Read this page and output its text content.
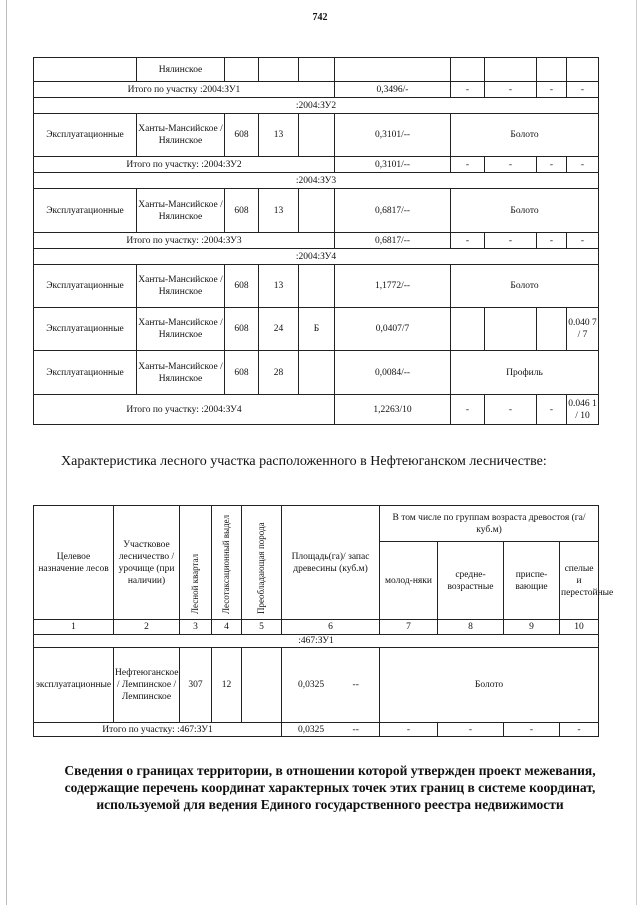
742
	Нялинское								
Итого по участку :2004:ЗУ1					0,3496/-	-	-	-	-
:2004:ЗУ2									
Эксплуатационные	Ханты-Мансийское / Нялинское	608	13		0,3101/--	Болото			
Итого по участку: :2004:ЗУ2					0,3101/--	-	-	-	-
:2004:ЗУ3									
Эксплуатационные	Ханты-Мансийское / Нялинское	608	13		0,6817/--	Болото			
Итого по участку: :2004:ЗУ3					0,6817/--	-	-	-	-
:2004:ЗУ4									
Эксплуатационные	Ханты-Мансийское / Нялинское	608	13		1,1772/--	Болото			
Эксплуатационные	Ханты-Мансийское / Нялинское	608	24	Б	0,0407/7				0.040 7 / 7
Эксплуатационные	Ханты-Мансийское / Нялинское	608	28		0,0084/--	Профиль			
Итого по участку: :2004:ЗУ4					1,2263/10	-	-	-	0.046 1 / 10
Характеристика лесного участка расположенного в Нефтеюганском лесничестве:
Целевое назначение лесов	Участковое лесничество / урочище (при наличии)	Лесной квартал	Лесотаксационный выдел	Преобладающая порода	Площадь(га)/ запас древесины (куб.м)	В том числе по группам возраста древостоя (га/куб.м)			
						молод-няки	средне-возрастные	приспе-вающие	спелые и перестойные
1	2	3	4	5	6	7	8	9	10
:467:ЗУ1									
эксплуатационные	Нефтеюганское / Лемпинское / Лемпинское	307	12		0,0325 --	Болото			
Итого по участку: :467:ЗУ1					0,0325 --	-	-	-	-
Сведения о границах территории, в отношении которой утвержден проект межевания, содержащие перечень координат характерных точек этих границ в системе координат, используемой для ведения Единого государственного реестра недвижимости
